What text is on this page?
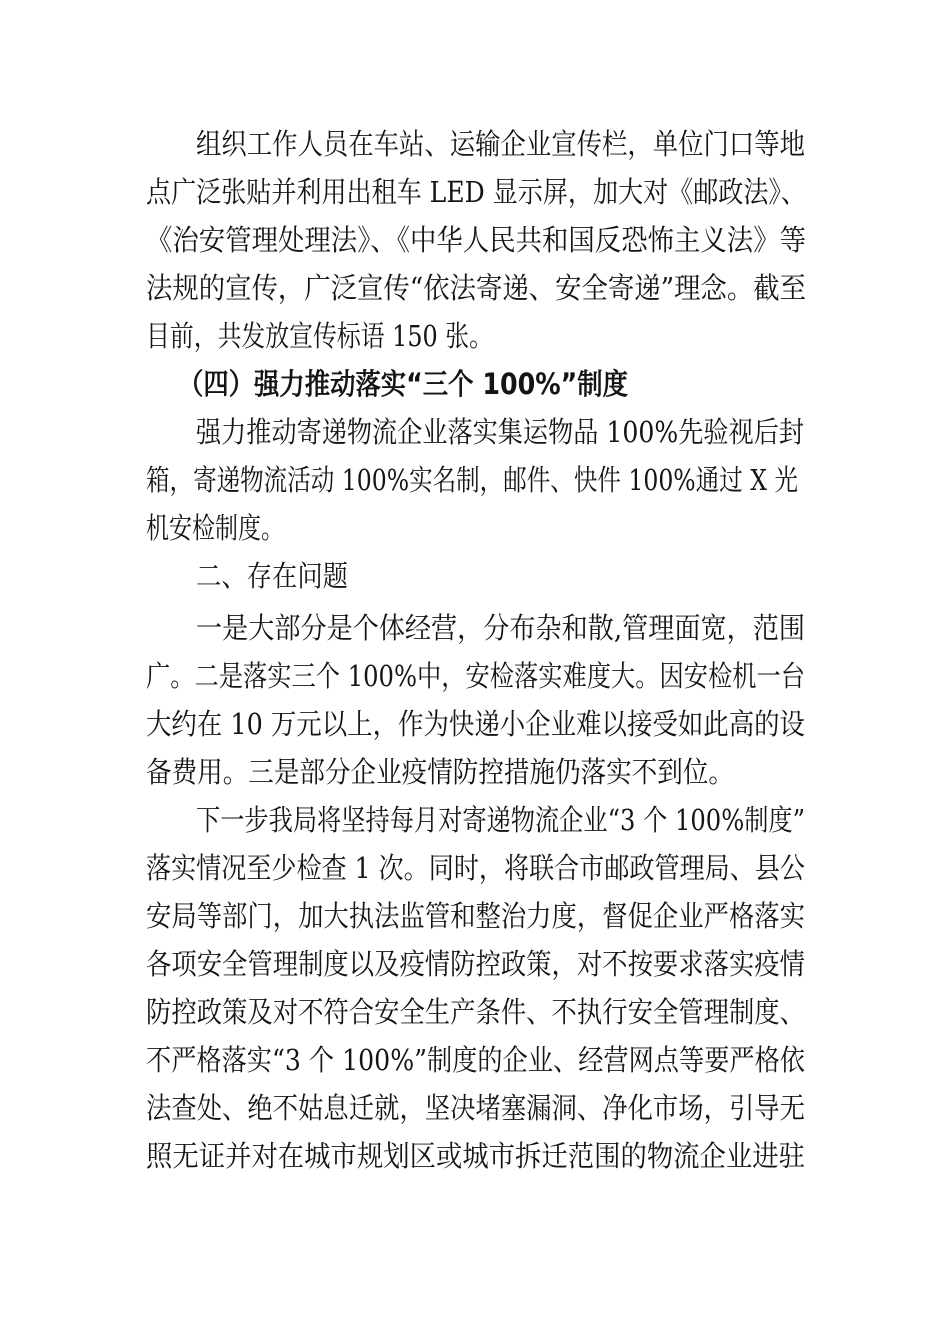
组织工作人员在车站、运输企业宣传栏，单位门口等地
点广泛张贴并利用出租车 LED 显示屏，加大对《邮政法》、
《治安管理处理法》、《中华人民共和国反恐怖主义法》等
法规的宣传，广泛宣传“依法寄递、安全寄递”理念。截至
目前，共发放宣传标语 150 张。
（四）强力推动落实“三个 100%”制度
强力推动寄递物流企业落实集运物品 100%先验视后封
箱，寄递物流活动 100%实名制，邮件、快件 100%通过 X 光
机安检制度。
二、存在问题
一是大部分是个体经营，分布杂和散,管理面宽，范围
广。二是落实三个 100%中，安检落实难度大。因安检机一台
大约在 10 万元以上，作为快递小企业难以接受如此高的设
备费用。三是部分企业疫情防控措施仍落实不到位。
下一步我局将坚持每月对寄递物流企业“3 个 100%制度”
落实情况至少检查 1 次。同时，将联合市邮政管理局、县公
安局等部门，加大执法监管和整治力度，督促企业严格落实
各项安全管理制度以及疫情防控政策，对不按要求落实疫情
防控政策及对不符合安全生产条件、不执行安全管理制度、
不严格落实“3 个 100%”制度的企业、经营网点等要严格依
法查处、绝不姑息迁就，坚决堵塞漏洞、净化市场，引导无
照无证并对在城市规划区或城市拆迁范围的物流企业进驻
